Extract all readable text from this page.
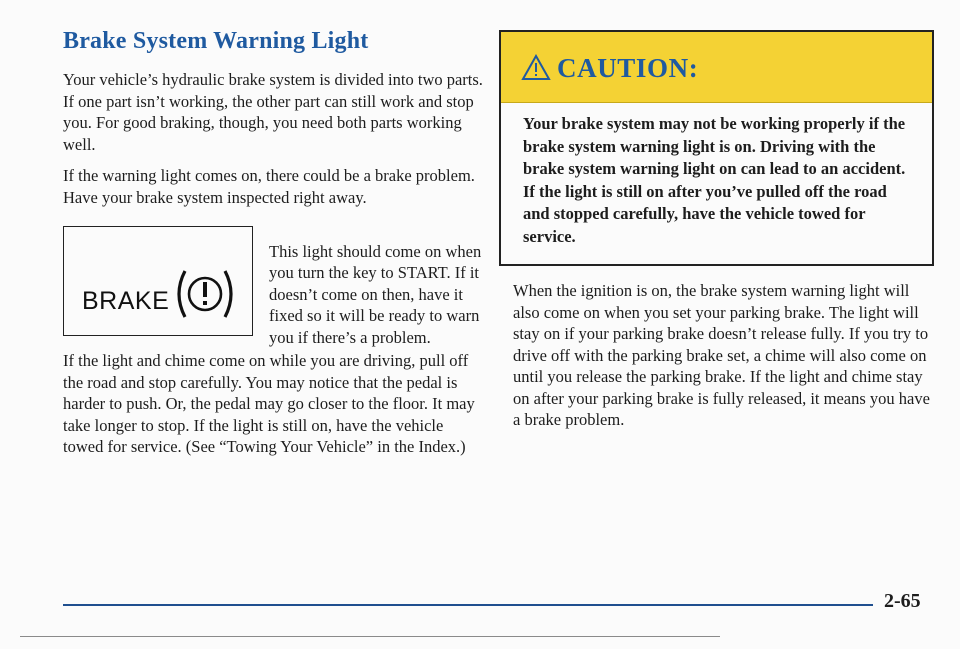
Brake System Warning Light

Your vehicle’s hydraulic brake system is divided into two parts. If one part isn’t working, the other part can still work and stop you. For good braking, though, you need both parts working well.

If the warning light comes on, there could be a brake problem. Have your brake system inspected right away.

BRAKE

This light should come on when you turn the key to START. If it doesn’t come on then, have it fixed so it will be ready to warn you if there’s a problem.

If the light and chime come on while you are driving, pull off the road and stop carefully. You may notice that the pedal is harder to push. Or, the pedal may go closer to the floor. It may take longer to stop. If the light is still on, have the vehicle towed for service. (See “Towing Your Vehicle” in the Index.)

CAUTION:
Your brake system may not be working properly if the brake system warning light is on. Driving with the brake system warning light on can lead to an accident. If the light is still on after you’ve pulled off the road and stopped carefully, have the vehicle towed for service.

When the ignition is on, the brake system warning light will also come on when you set your parking brake. The light will stay on if your parking brake doesn’t release fully. If you try to drive off with the parking brake set, a chime will also come on until you release the parking brake. If the light and chime stay on after your parking brake is fully released, it means you have a brake problem.

2-65
